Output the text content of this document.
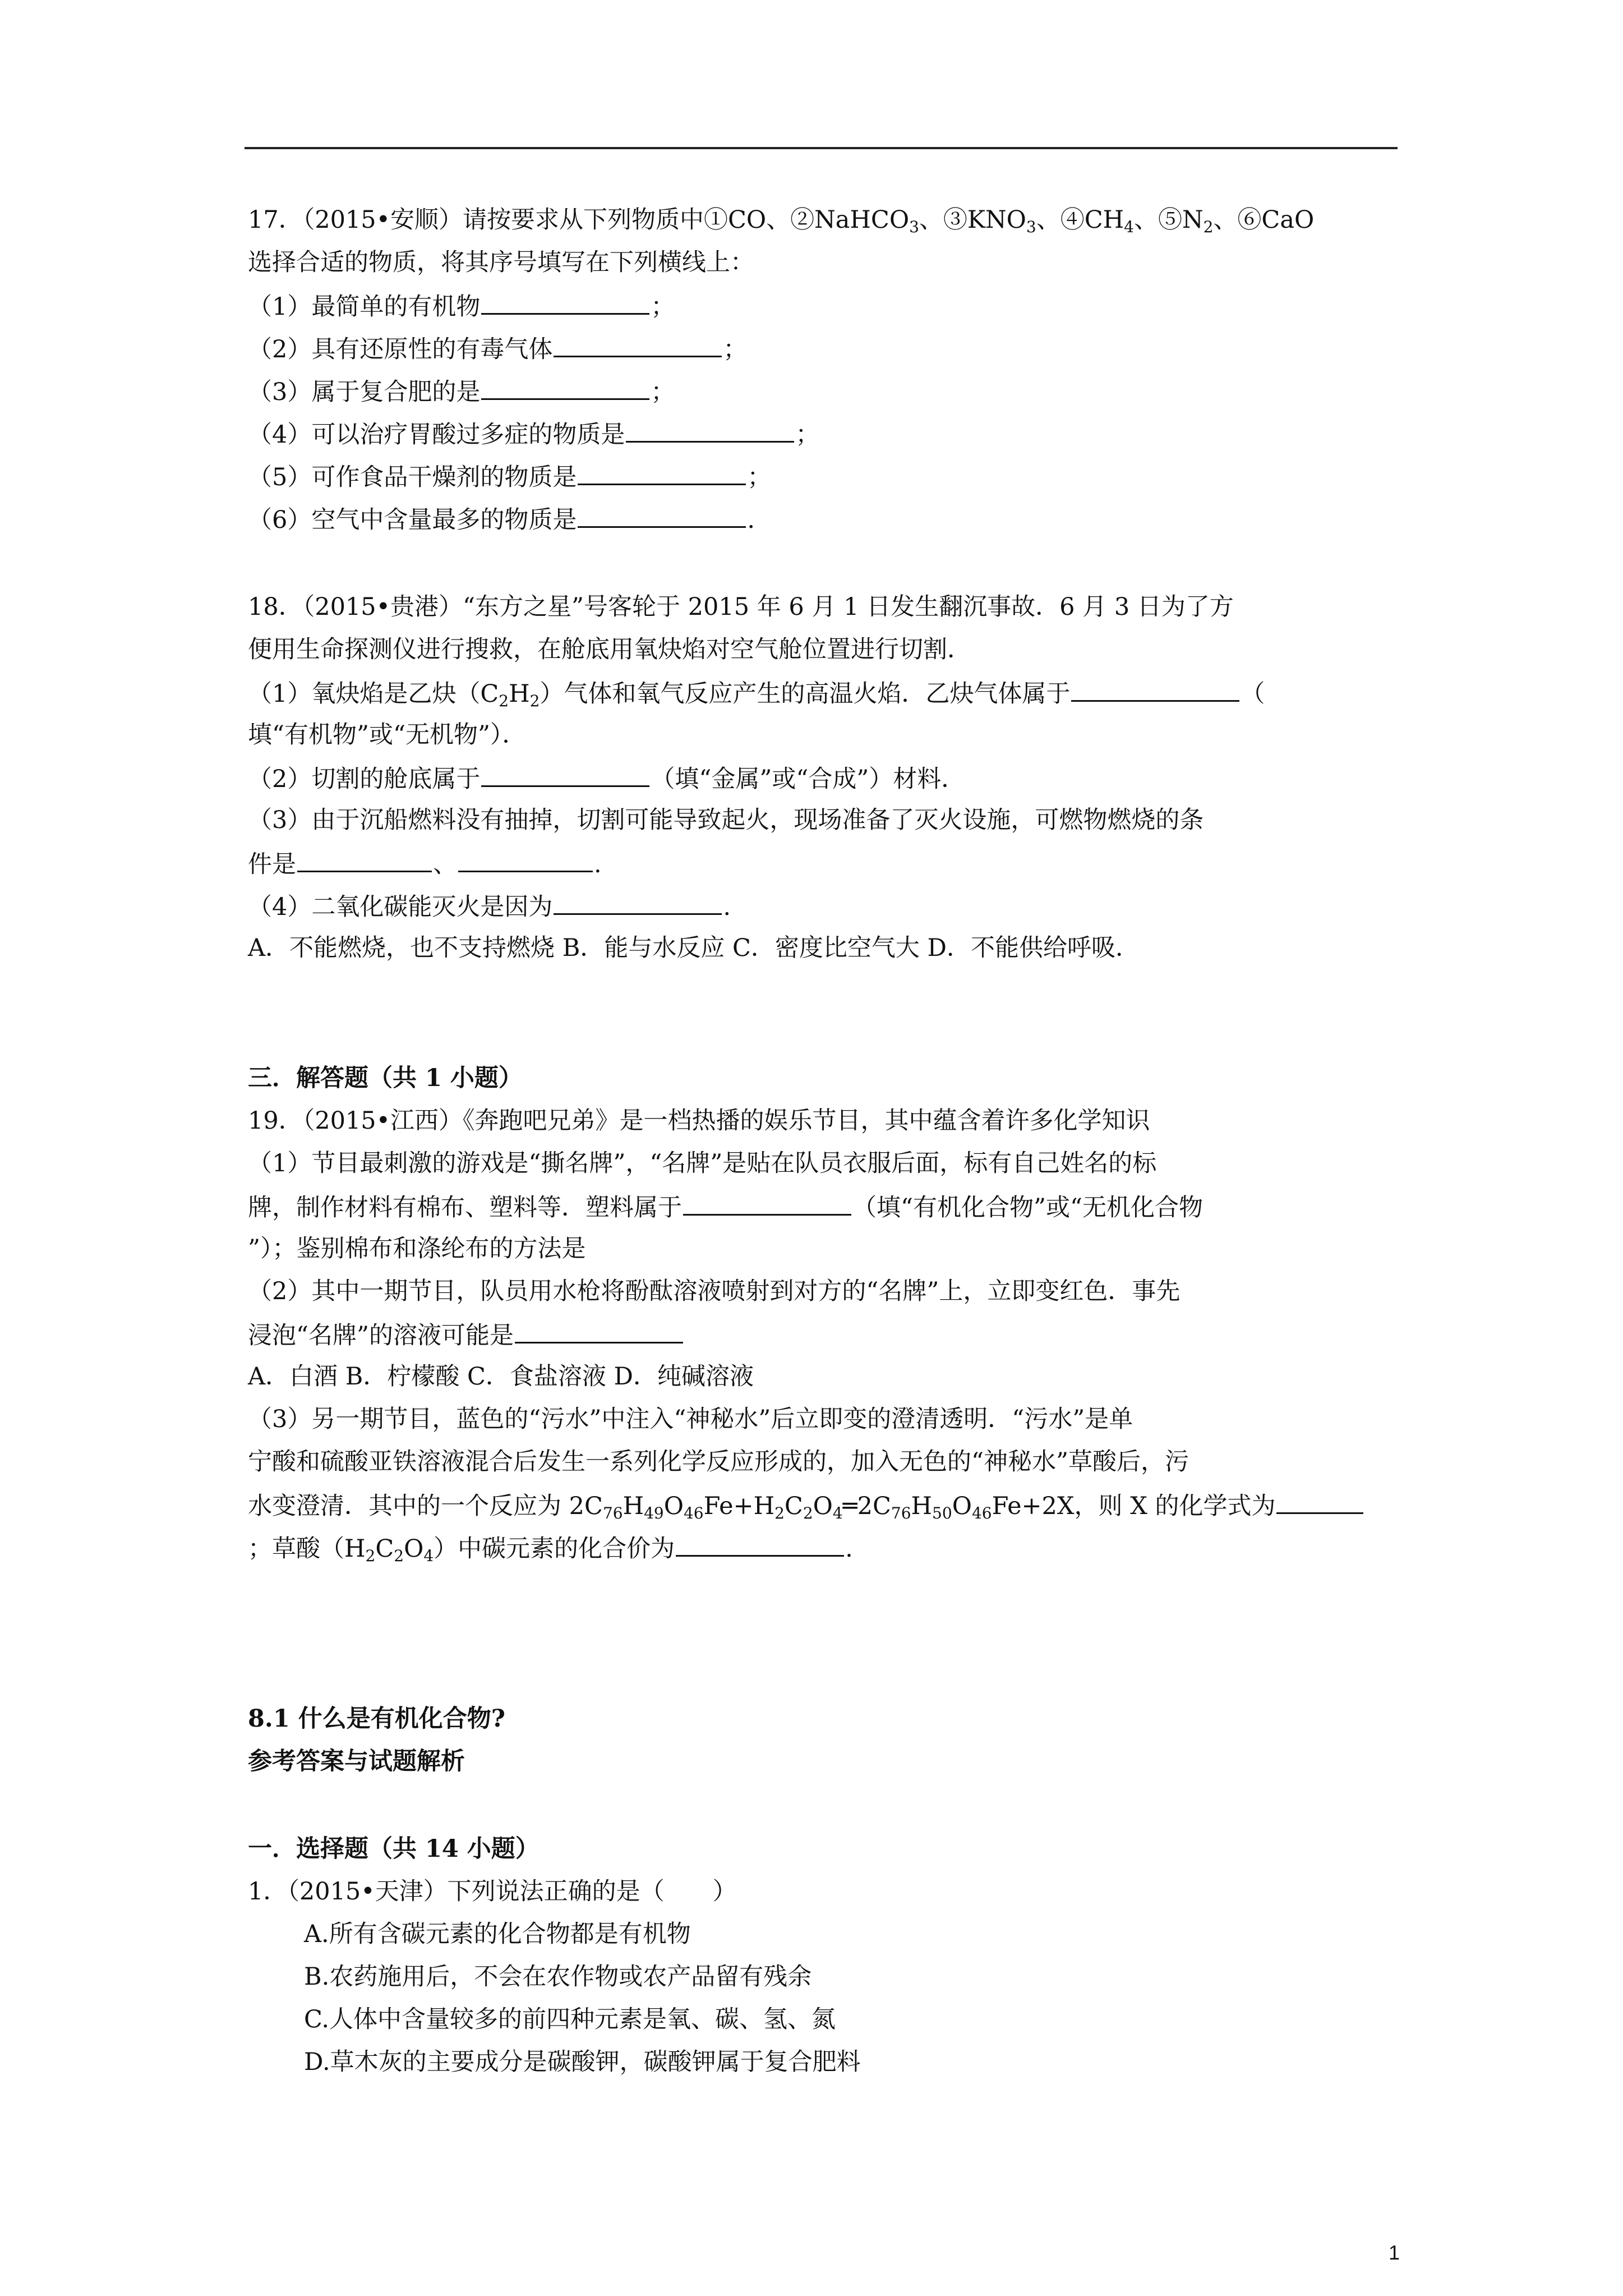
17．（2015•安顺）请按要求从下列物质中①CO、②NaHCO$_3$、$③KNO_3$、$④CH_4$、$⑤N_2$、⑥CaO
选择合适的物质，将其序号填写在下列横线上：
（1）最简单的有机物	；
（2）具有还原性的有毒气体	；
（3）属于复合肥的是	；
（4）可以治疗胃酸过多症的物质是	；
（5）可作食品干燥剂的物质是	；
（6）空气中含量最多的物质是	.
18．（2015•贵港）“东方之星”号客轮于 2015 年 6 月 1 日发生翻沉事故．6 月 3 日为了方
便用生命探测仪进行搜救，在舱底用氧炔焰对空气舱位置进行切割．
（1）氧炔焰是乙炔$(C_2H_2)$气体和氧气反应产生的高温火焰．乙炔气体属于	（
填“有机物”或“无机物”）．
（2）切割的舱底属于	（填“金属”或“合成”）材料．
（3）由于沉船燃料没有抽掉，切割可能导致起火，现场准备了灭火设施，可燃物燃烧的条
件是	、	.
（4）二氧化碳能灭火是因为	.
A．不能燃烧，也不支持燃烧 B．能与水反应 C．密度比空气大 D．不能供给呼吸．
三．解答题（共 1 小题）
19．（2015•江西）《奔跑吧兄弟》是一档热播的娱乐节目，其中蕴含着许多化学知识
（1）节目最刺激的游戏是“撕名牌”，“名牌”是贴在队员衣服后面，标有自己姓名的标
牌，制作材料有棉布、塑料等．塑料属于	（填“有机化合物”或“无机化合物
”）；鉴别棉布和涤纶布的方法是
（2）其中一期节目，队员用水枪将酚酞溶液喷射到对方的“名牌”上，立即变红色．事先
浸泡“名牌”的溶液可能是
A．白酒 B．柠檬酸 C．食盐溶液 D．纯碱溶液
（3）另一期节目，蓝色的“污水”中注入“神秘水”后立即变的澄清透明．“污水”是单
宁酸和硫酸亚铁溶液混合后发生一系列化学反应形成的，加入无色的“神秘水”草酸后，污
水变澄清．其中的一个反应为 $2C_{76}H_{49}O_{46}Fe+H_2C_2O_4═2C_{76}H_{50}O_{46}Fe+2X$，则 X 的化学式为
；草酸$(H_2C_2O_4)$中碳元素的化合价为	.
8.1 什么是有机化合物?
参考答案与试题解析
一．选择题（共 14 小题）
1．（2015•天津）下列说法正确的是（　　）
A.所有含碳元素的化合物都是有机物
B.农药施用后，不会在农作物或农产品留有残余
C.人体中含量较多的前四种元素是氧、碳、氢、氮
D.草木灰的主要成分是碳酸钾，碳酸钾属于复合肥料
1
